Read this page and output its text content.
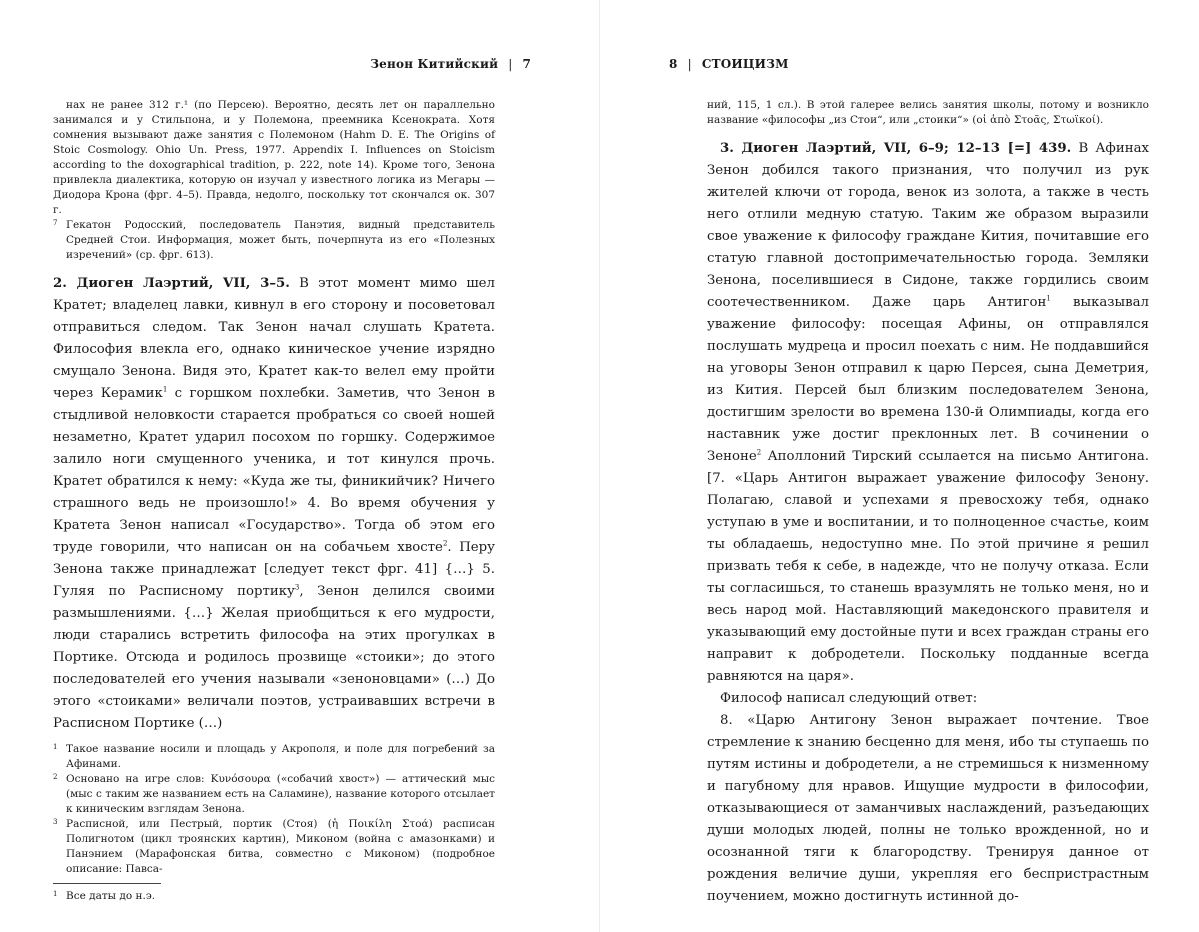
Зенон Китийский | 7

нах не ранее 312 г.¹ (по Персею). Вероятно, десять лет он параллельно занимался и у Стильпона, и у Полемона, преемника Ксенократа. Хотя сомнения вызывают даже занятия с Полемоном (Hahm D. E. The Origins of Stoic Cosmology. Ohio Un. Press, 1977. Appendix I. Influences on Stoicism according to the doxographical tradition, p. 222, note 14). Кроме того, Зенона привлекла диалектика, которую он изучал у известного логика из Мегары — Диодора Крона (фрг. 4–5). Правда, недолго, поскольку тот скончался ок. 307 г.

7 Гекатон Родосский, последователь Панэтия, видный представитель Средней Стои. Информация, может быть, почерпнута из его «Полезных изречений» (ср. фрг. 613).

2. Диоген Лаэртий, VII, 3–5. В этот момент мимо шел Кратет; владелец лавки, кивнул в его сторону и посоветовал отправиться следом. Так Зенон начал слушать Кратета. Философия влекла его, однако киническое учение изрядно смущало Зенона. Видя это, Кратет как-то велел ему пройти через Керамик$^1$ с горшком похлебки. Заметив, что Зенон в стыдливой неловкости старается пробраться со своей ношей незаметно, Кратет ударил посохом по горшку. Содержимое залило ноги смущенного ученика, и тот кинулся прочь. Кратет обратился к нему: «Куда же ты, финикийчик? Ничего страшного ведь не произошло!» 4. Во время обучения у Кратета Зенон написал «Государство». Тогда об этом его труде говорили, что написан он на собачьем хвосте$^2$. Перу Зенона также принадлежат [следует текст фрг. 41] {…} 5. Гуляя по Расписному портику$^3$, Зенон делился своими размышлениями. {…} Желая приобщиться к его мудрости, люди старались встретить философа на этих прогулках в Портике. Отсюда и родилось прозвище «стоики»; до этого последователей его учения называли «зеноновцами» (…) До этого «стоиками» величали поэтов, устраивавших встречи в Расписном Портике (…)

1 Такое название носили и площадь у Акрополя, и поле для погребений за Афинами.

2 Основано на игре слов: Κυνόσουρα («собачий хвост») — аттический мыс (мыс с таким же названием есть на Саламине), название которого отсылает к киническим взглядам Зенона.

3 Расписной, или Пестрый, портик (Стоя) (ἡ Ποικίλη Στοά) расписан Полигнотом (цикл троянских картин), Миконом (война с амазонками) и Панэнием (Марафонская битва, совместно с Миконом) (подробное описание: Павса-

1 Все даты до н.э.

8 | СТОИЦИЗМ

ний, 115, 1 сл.). В этой галерее велись занятия школы, потому и возникло название «философы „из Стои“, или „стоики“» (οἱ ἀπὸ Στοᾶς, Στωϊκοί).

3. Диоген Лаэртий, VII, 6–9; 12–13 [=] 439. В Афинах Зенон добился такого признания, что получил из рук жителей ключи от города, венок из золота, а также в честь него отлили медную статую. Таким же образом выразили свое уважение к философу граждане Кития, почитавшие его статую главной достопримечательностью города. Земляки Зенона, поселившиеся в Сидоне, также гордились своим соотечественником. Даже царь Антигон$^1$ выказывал уважение философу: посещая Афины, он отправлялся послушать мудреца и просил поехать с ним. Не поддавшийся на уговоры Зенон отправил к царю Персея, сына Деметрия, из Кития. Персей был близким последователем Зенона, достигшим зрелости во времена 130-й Олимпиады, когда его наставник уже достиг преклонных лет. В сочинении о Зеноне$^2$ Аполлоний Тирский ссылается на письмо Антигона. [7. «Царь Антигон выражает уважение философу Зенону. Полагаю, славой и успехами я превосхожу тебя, однако уступаю в уме и воспитании, и то полноценное счастье, коим ты обладаешь, недоступно мне. По этой причине я решил призвать тебя к себе, в надежде, что не получу отказа. Если ты согласишься, то станешь вразумлять не только меня, но и весь народ мой. Наставляющий македонского правителя и указывающий ему достойные пути и всех граждан страны его направит к добродетели. Поскольку подданные всегда равняются на царя».

Философ написал следующий ответ:

8. «Царю Антигону Зенон выражает почтение. Твое стремление к знанию бесценно для меня, ибо ты ступаешь по путям истины и добродетели, а не стремишься к низменному и пагубному для нравов. Ищущие мудрости в философии, отказывающиеся от заманчивых наслаждений, разъедающих души молодых людей, полны не только врожденной, но и осознанной тяги к благородству. Тренируя данное от рождения величие души, укрепляя его беспристрастным поучением, можно достигнуть истинной до-
